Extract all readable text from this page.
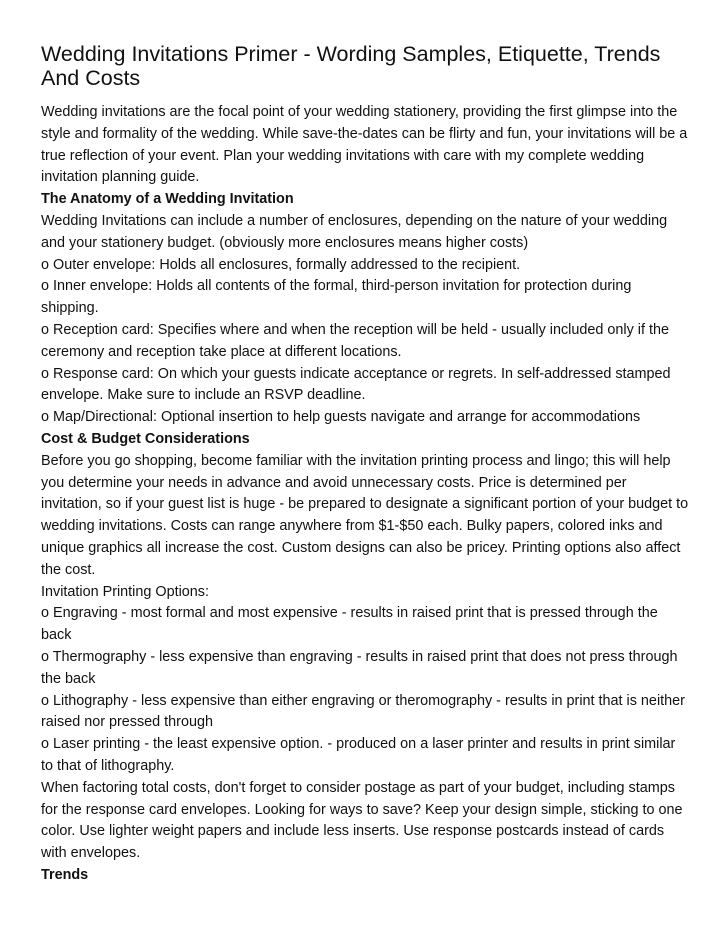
Wedding Invitations Primer - Wording Samples, Etiquette, Trends And Costs

Wedding invitations are the focal point of your wedding stationery, providing the first glimpse into the style and formality of the wedding. While save-the-dates can be flirty and fun, your invitations will be a true reflection of your event. Plan your wedding invitations with care with my complete wedding invitation planning guide.

The Anatomy of a Wedding Invitation

Wedding Invitations can include a number of enclosures, depending on the nature of your wedding and your stationery budget. (obviously more enclosures means higher costs)

o Outer envelope: Holds all enclosures, formally addressed to the recipient.

o Inner envelope: Holds all contents of the formal, third-person invitation for protection during shipping.

o Reception card: Specifies where and when the reception will be held - usually included only if the ceremony and reception take place at different locations.

o Response card: On which your guests indicate acceptance or regrets. In self-addressed stamped envelope. Make sure to include an RSVP deadline.

o Map/Directional: Optional insertion to help guests navigate and arrange for accommodations

Cost & Budget Considerations

Before you go shopping, become familiar with the invitation printing process and lingo; this will help you determine your needs in advance and avoid unnecessary costs. Price is determined per invitation, so if your guest list is huge - be prepared to designate a significant portion of your budget to wedding invitations. Costs can range anywhere from $1-$50 each. Bulky papers, colored inks and unique graphics all increase the cost. Custom designs can also be pricey. Printing options also affect the cost.

Invitation Printing Options:

o Engraving - most formal and most expensive - results in raised print that is pressed through the back

o Thermography - less expensive than engraving - results in raised print that does not press through the back

o Lithography - less expensive than either engraving or theromography - results in print that is neither raised nor pressed through

o Laser printing - the least expensive option. - produced on a laser printer and results in print similar to that of lithography.

When factoring total costs, don't forget to consider postage as part of your budget, including stamps for the response card envelopes. Looking for ways to save? Keep your design simple, sticking to one color. Use lighter weight papers and include less inserts. Use response postcards instead of cards with envelopes.

Trends
